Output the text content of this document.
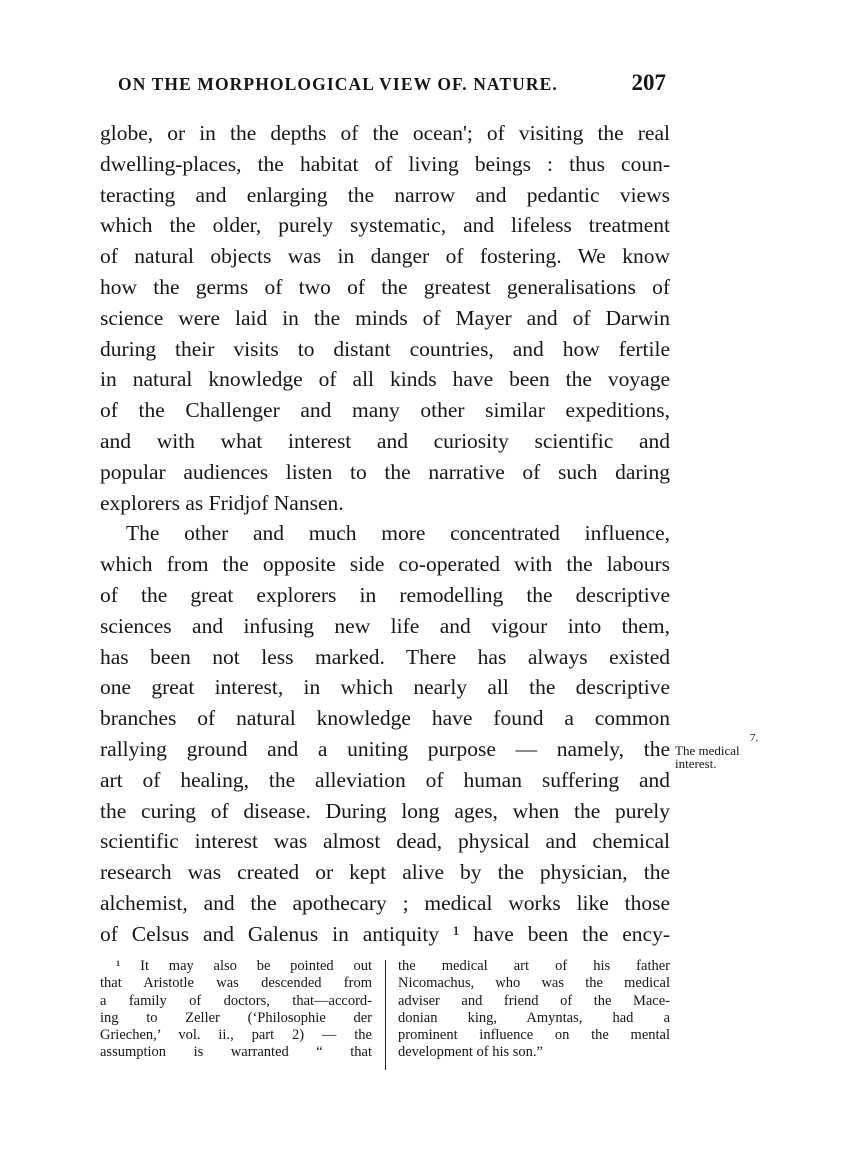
ON THE MORPHOLOGICAL VIEW OF. NATURE.	207
globe, or in the depths of the ocean'; of visiting the real
dwelling-places, the habitat of living beings : thus coun-
teracting and enlarging the narrow and pedantic views
which the older, purely systematic, and lifeless treatment
of natural objects was in danger of fostering. We know
how the germs of two of the greatest generalisations of
science were laid in the minds of Mayer and of Darwin
during their visits to distant countries, and how fertile
in natural knowledge of all kinds have been the voyage
of the Challenger and many other similar expeditions,
and with what interest and curiosity scientific and
popular audiences listen to the narrative of such daring
explorers as Fridjof Nansen.
The other and much more concentrated influence,
which from the opposite side co-operated with the labours
of the great explorers in remodelling the descriptive
sciences and infusing new life and vigour into them,
has been not less marked. There has always existed
one great interest, in which nearly all the descriptive
branches of natural knowledge have found a common
rallying ground and a uniting purpose — namely, the
art of healing, the alleviation of human suffering and
the curing of disease. During long ages, when the purely
scientific interest was almost dead, physical and chemical
research was created or kept alive by the physician, the
alchemist, and the apothecary ; medical works like those
of Celsus and Galenus in antiquity ¹ have been the ency-
7.
The medical
interest.
¹ It may also be pointed out
that Aristotle was descended from
a family of doctors, that—accord-
ing to Zeller (‘Philosophie der
Griechen,’ vol. ii., part 2) — the
assumption is warranted “ that
the medical art of his father
Nicomachus, who was the medical
adviser and friend of the Mace-
donian king, Amyntas, had a
prominent influence on the mental
development of his son.”
